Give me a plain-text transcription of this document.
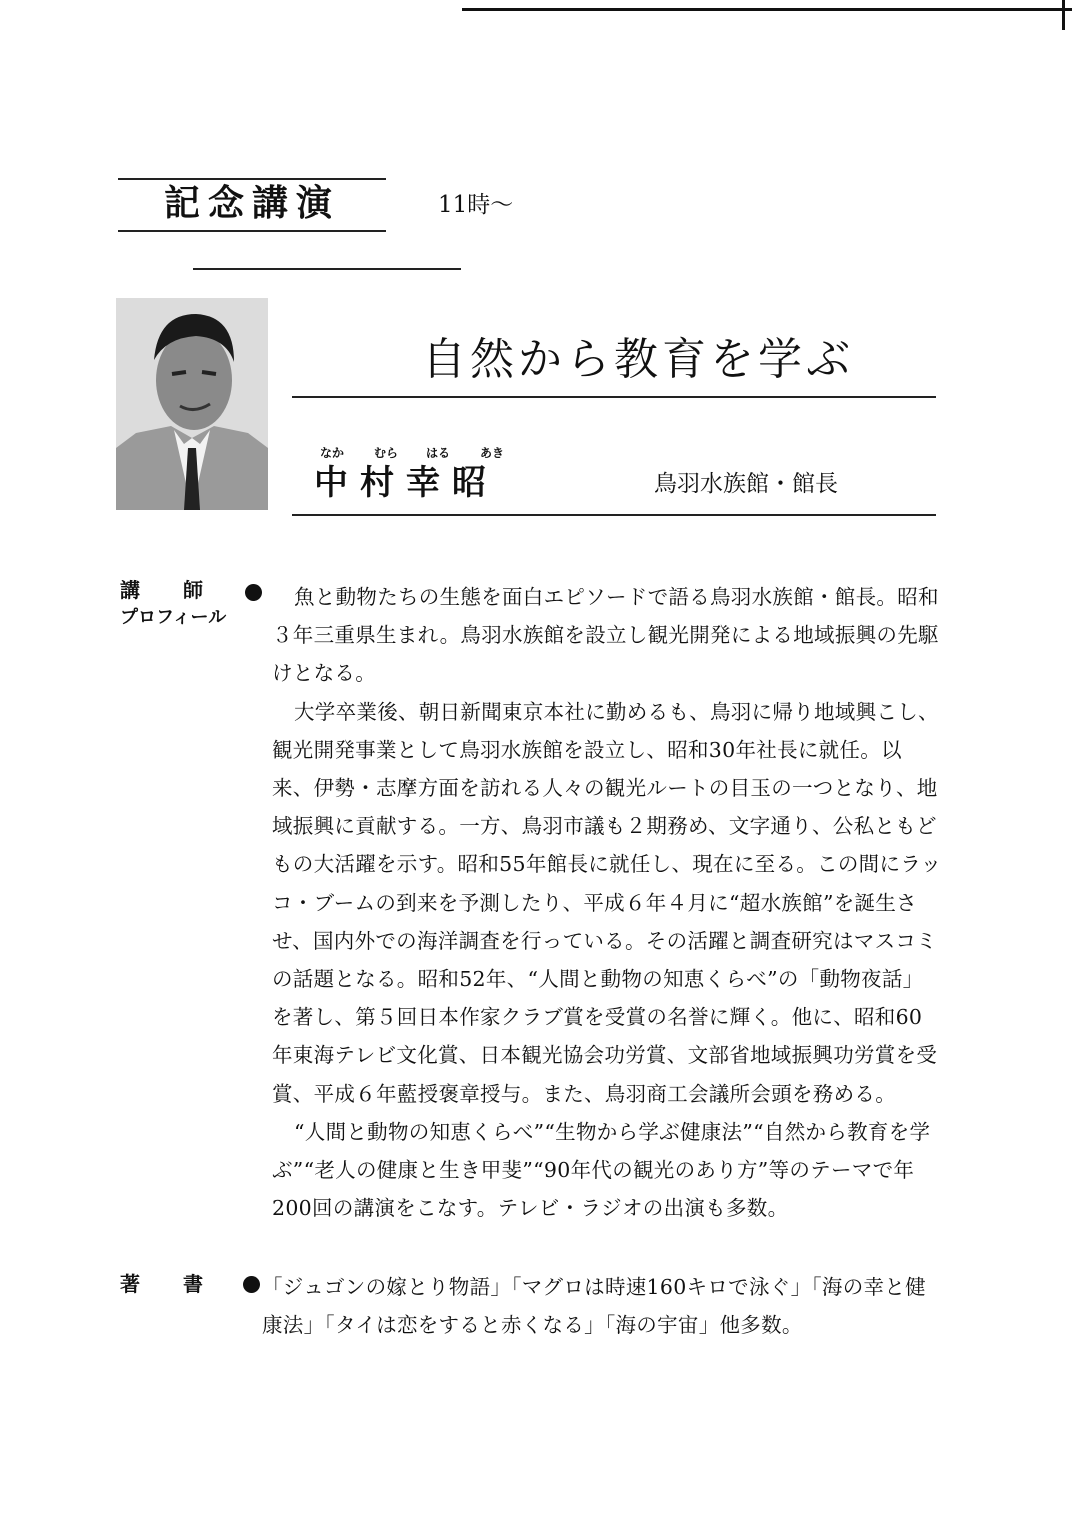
記念講演	11時〜
自然から教育を学ぶ
なか むら はる あき
中村幸昭	鳥羽水族館・館長
講　　師
プロフィール

魚と動物たちの生態を面白エピソードで語る鳥羽水族館・館長。昭和３年三重県生まれ。鳥羽水族館を設立し観光開発による地域振興の先駆けとなる。

大学卒業後、朝日新聞東京本社に勤めるも、鳥羽に帰り地域興こし、観光開発事業として鳥羽水族館を設立し、昭和30年社長に就任。以来、伊勢・志摩方面を訪れる人々の観光ルートの目玉の一つとなり、地域振興に貢献する。一方、鳥羽市議も２期務め、文字通り、公私ともどもの大活躍を示す。昭和55年館長に就任し、現在に至る。この間にラッコ・ブームの到来を予測したり、平成６年４月に“超水族館”を誕生させ、国内外での海洋調査を行っている。その活躍と調査研究はマスコミの話題となる。昭和52年、“人間と動物の知恵くらべ”の「動物夜話」を著し、第５回日本作家クラブ賞を受賞の名誉に輝く。他に、昭和60年東海テレビ文化賞、日本観光協会功労賞、文部省地域振興功労賞を受賞、平成６年藍授褒章授与。また、鳥羽商工会議所会頭を務める。

“人間と動物の知恵くらべ”“生物から学ぶ健康法”“自然から教育を学ぶ”“老人の健康と生き甲斐”“90年代の観光のあり方”等のテーマで年200回の講演をこなす。テレビ・ラジオの出演も多数。

著　　書	「ジュゴンの嫁とり物語」「マグロは時速160キロで泳ぐ」「海の幸と健康法」「タイは恋をすると赤くなる」「海の宇宙」他多数。
